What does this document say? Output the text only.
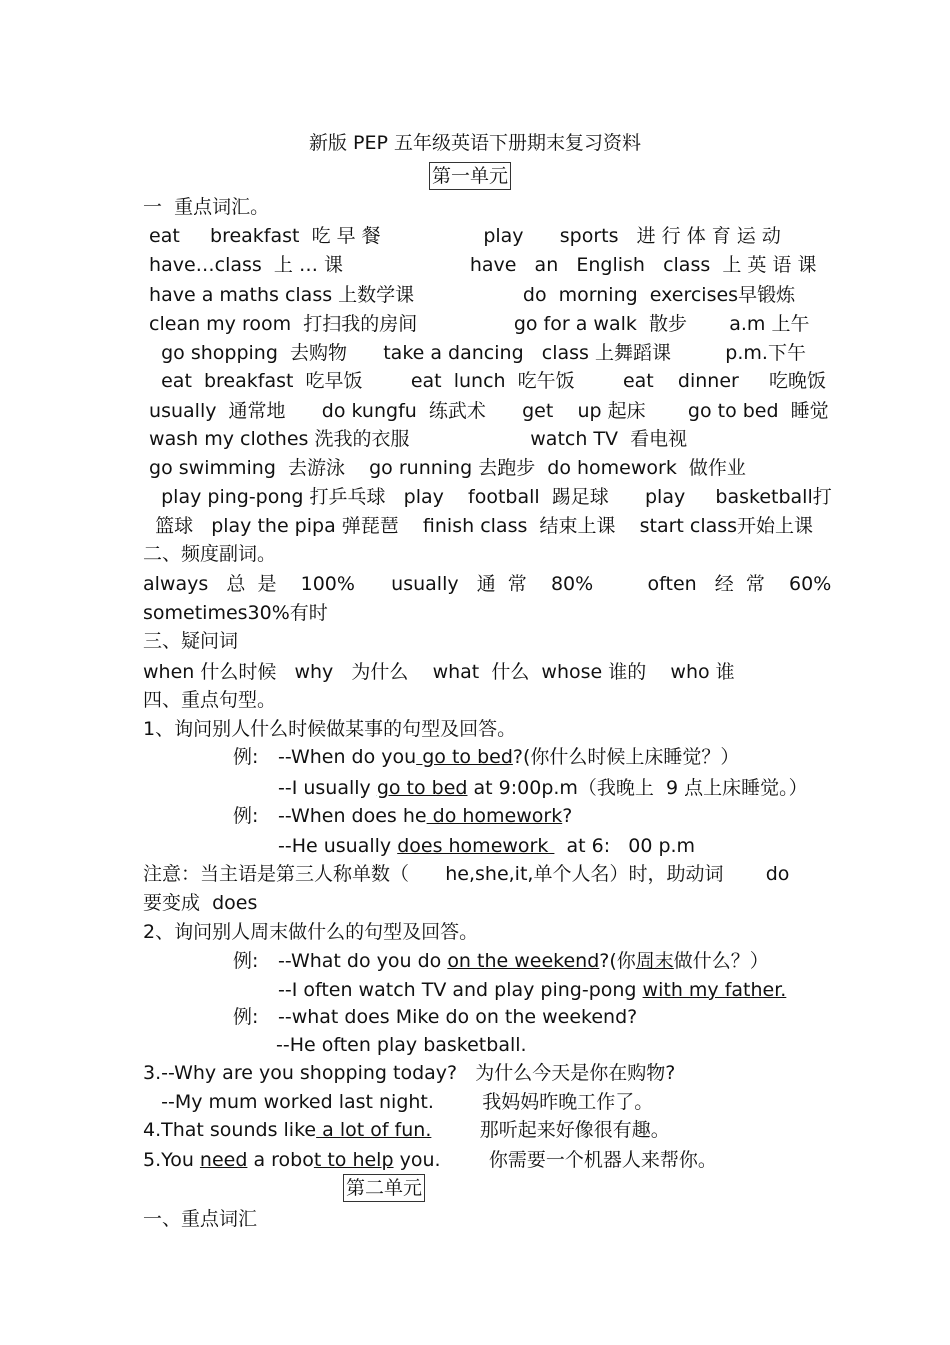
新版 PEP 五年级英语下册期末复习资料
第一单元
一  重点词汇。
eat     breakfast  吃 早 餐                 play      sports   进 行 体 育 运 动
have…class  上 … 课                     have   an   English   class  上 英 语 课
have a maths class 上数学课                  do  morning  exercises早锻炼
clean my room  打扫我的房间                go for a walk  散步       a.m 上午
go shopping  去购物      take a dancing   class 上舞蹈课         p.m.下午
eat  breakfast  吃早饭        eat  lunch  吃午饭        eat    dinner     吃晚饭
usually  通常地      do kungfu  练武术      get    up 起床       go to bed  睡觉
wash my clothes 洗我的衣服                    watch TV  看电视
go swimming  去游泳    go running 去跑步  do homework  做作业
play ping-pong 打乒乓球   play    football  踢足球      play     basketball打
篮球   play the pipa 弹琵琶    finish class  结束上课    start class开始上课
二、频度副词。
always   总  是    100%      usually   通  常    80%         often   经  常    60%
sometimes30%有时
三、疑问词
when 什么时候   why   为什么    what  什么  whose 谁的    who 谁
四、重点句型。
1、询问别人什么时候做某事的句型及回答。
例: --When do you go to bed?(你什么时候上床睡觉？）
--I usually go to bed at 9:00p.m（我晚上  9 点上床睡觉。）
例: --When does he do homework?
--He usually does homework   at 6:   00 p.m
注意：当主语是第三人称单数（      he,she,it,单个人名）时，助动词       do
要变成  does
2、询问别人周末做什么的句型及回答。
例: --What do you do on the weekend?(你周末做什么？）
--I often watch TV and play ping-pong with my father.
例: --what does Mike do on the weekend?
--He often play basketball.
3.--Why are you shopping today?   为什么今天是你在购物?
--My mum worked last night.        我妈妈昨晚工作了。
4.That sounds like a lot of fun.        那听起来好像很有趣。
5.You need a robot to help you.        你需要一个机器人来帮你。
第二单元
一、重点词汇
